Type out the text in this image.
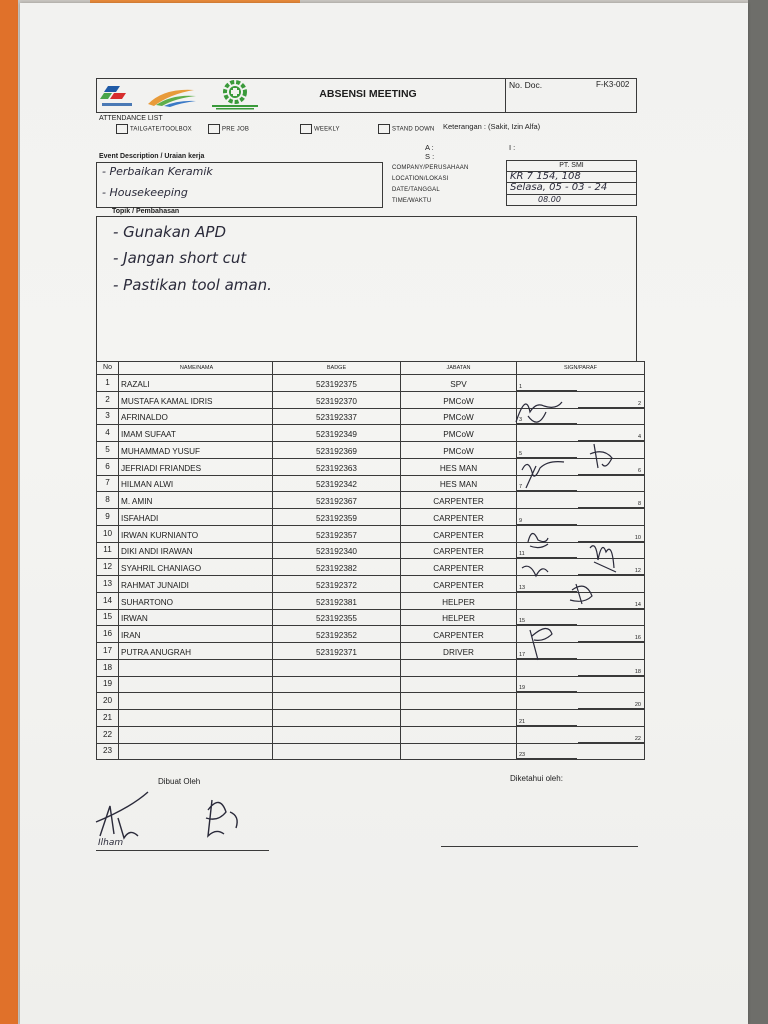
ABSENSI MEETING
No. Doc.	F-K3-002
ATTENDANCE LIST
TAILGATE/TOOLBOX	PRE JOB	WEEKLY	STAND DOWN Keterangan : (Sakit, Izin Alfa)
A :
S :
I :
Event Description / Uraian kerja
- Perbaikan Keramik
- Housekeeping
COMPANY/PERUSAHAAN
LOCATION/LOKASI
DATE/TANGGAL
TIME/WAKTU
PT. SMI
KR 7 154, 108
Selasa, 05 - 03 - 24
08.00
Topik / Pembahasan
- Gunakan APD
- Jangan short cut
- Pastikan tool aman.
No	NAME/NAMA	BADGE	JABATAN	SIGN/PARAF
1	RAZALI	523192375	SPV	1

2	MUSTAFA KAMAL IDRIS	523192370	PMCoW	2

3	AFRINALDO	523192337	PMCoW	3

4	IMAM SUFAAT	523192349	PMCoW	4

5	MUHAMMAD YUSUF	523192369	PMCoW	5

6	JEFRIADI FRIANDES	523192363	HES MAN	6

7	HILMAN ALWI	523192342	HES MAN	7

8	M. AMIN	523192367	CARPENTER	8

9	ISFAHADI	523192359	CARPENTER	9

10	IRWAN KURNIANTO	523192357	CARPENTER	10

11	DIKI ANDI IRAWAN	523192340	CARPENTER	11

12	SYAHRIL CHANIAGO	523192382	CARPENTER	12

13	RAHMAT JUNAIDI	523192372	CARPENTER	13

14	SUHARTONO	523192381	HELPER	14

15	IRWAN	523192355	HELPER	15

16	IRAN	523192352	CARPENTER	16

17	PUTRA ANUGRAH	523192371	DRIVER	17

18				18

19				19

20				20

21				21

22				22

23				23
Dibuat Oleh	Diketahui oleh:
Ilham
